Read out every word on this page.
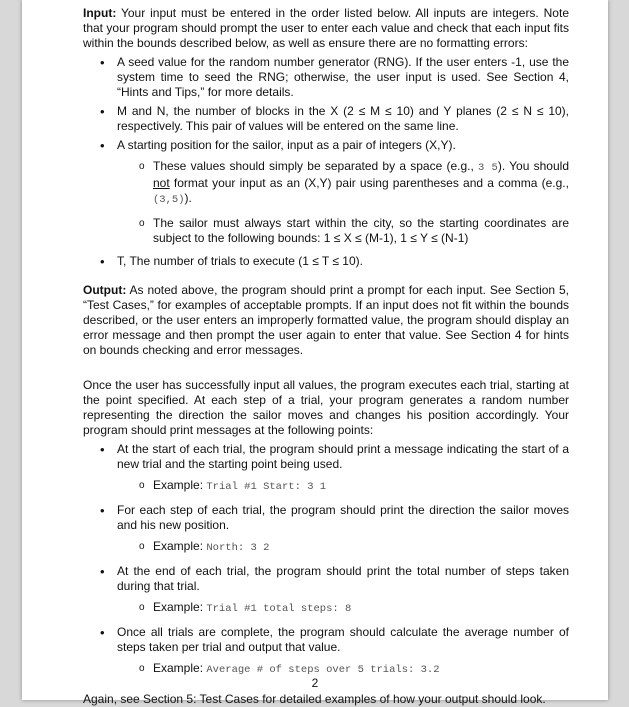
Input: Your input must be entered in the order listed below. All inputs are integers. Note that your program should prompt the user to enter each value and check that each input fits within the bounds described below, as well as ensure there are no formatting errors:

• A seed value for the random number generator (RNG). If the user enters -1, use the system time to seed the RNG; otherwise, the user input is used. See Section 4, “Hints and Tips,” for more details.
• M and N, the number of blocks in the X (2 ≤ M ≤ 10) and Y planes (2 ≤ N ≤ 10), respectively. This pair of values will be entered on the same line.
• A starting position for the sailor, input as a pair of integers (X,Y).
o These values should simply be separated by a space (e.g., 3 5). You should not format your input as an (X,Y) pair using parentheses and a comma (e.g., (3,5)).
o The sailor must always start within the city, so the starting coordinates are subject to the following bounds: 1 ≤ X ≤ (M-1), 1 ≤ Y ≤ (N-1)
• T, The number of trials to execute (1 ≤ T ≤ 10).

Output: As noted above, the program should print a prompt for each input. See Section 5, “Test Cases,” for examples of acceptable prompts. If an input does not fit within the bounds described, or the user enters an improperly formatted value, the program should display an error message and then prompt the user again to enter that value. See Section 4 for hints on bounds checking and error messages.

Once the user has successfully input all values, the program executes each trial, starting at the point specified. At each step of a trial, your program generates a random number representing the direction the sailor moves and changes his position accordingly. Your program should print messages at the following points:

• At the start of each trial, the program should print a message indicating the start of a new trial and the starting point being used.
o Example: Trial #1 Start: 3 1
• For each step of each trial, the program should print the direction the sailor moves and his new position.
o Example: North: 3 2
• At the end of each trial, the program should print the total number of steps taken during that trial.
o Example: Trial #1 total steps: 8
• Once all trials are complete, the program should calculate the average number of steps taken per trial and output that value.
o Example: Average # of steps over 5 trials: 3.2

Again, see Section 5: Test Cases for detailed examples of how your output should look.

2
